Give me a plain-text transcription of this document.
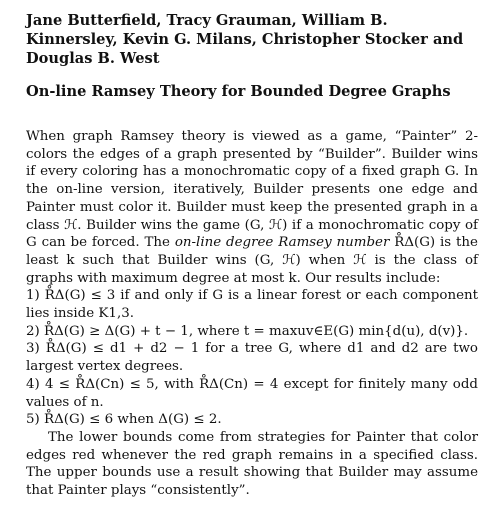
Jane Butterfield, Tracy Grauman, William B. Kinnersley, Kevin G. Milans, Christopher Stocker and Douglas B. West

On-line Ramsey Theory for Bounded Degree Graphs

When graph Ramsey theory is viewed as a game, “Painter” 2-colors the edges of a graph presented by “Builder”. Builder wins if every coloring has a monochromatic copy of a fixed graph G. In the on-line version, iteratively, Builder presents one edge and Painter must color it. Builder must keep the presented graph in a class ℋ. Builder wins the game (G, ℋ) if a monochromatic copy of G can be forced. The on-line degree Ramsey number R̊Δ(G) is the least k such that Builder wins (G, ℋ) when ℋ is the class of graphs with maximum degree at most k. Our results include:

1) R̊Δ(G) ≤ 3 if and only if G is a linear forest or each component lies inside K1,3.

2) R̊Δ(G) ≥ Δ(G) + t − 1, where t = maxuv∈E(G) min{d(u), d(v)}.

3) R̊Δ(G) ≤ d1 + d2 − 1 for a tree G, where d1 and d2 are two largest vertex degrees.

4) 4 ≤ R̊Δ(Cn) ≤ 5, with R̊Δ(Cn) = 4 except for finitely many odd values of n.

5) R̊Δ(G) ≤ 6 when Δ(G) ≤ 2.

The lower bounds come from strategies for Painter that color edges red whenever the red graph remains in a specified class. The upper bounds use a result showing that Builder may assume that Painter plays “consistently”.
